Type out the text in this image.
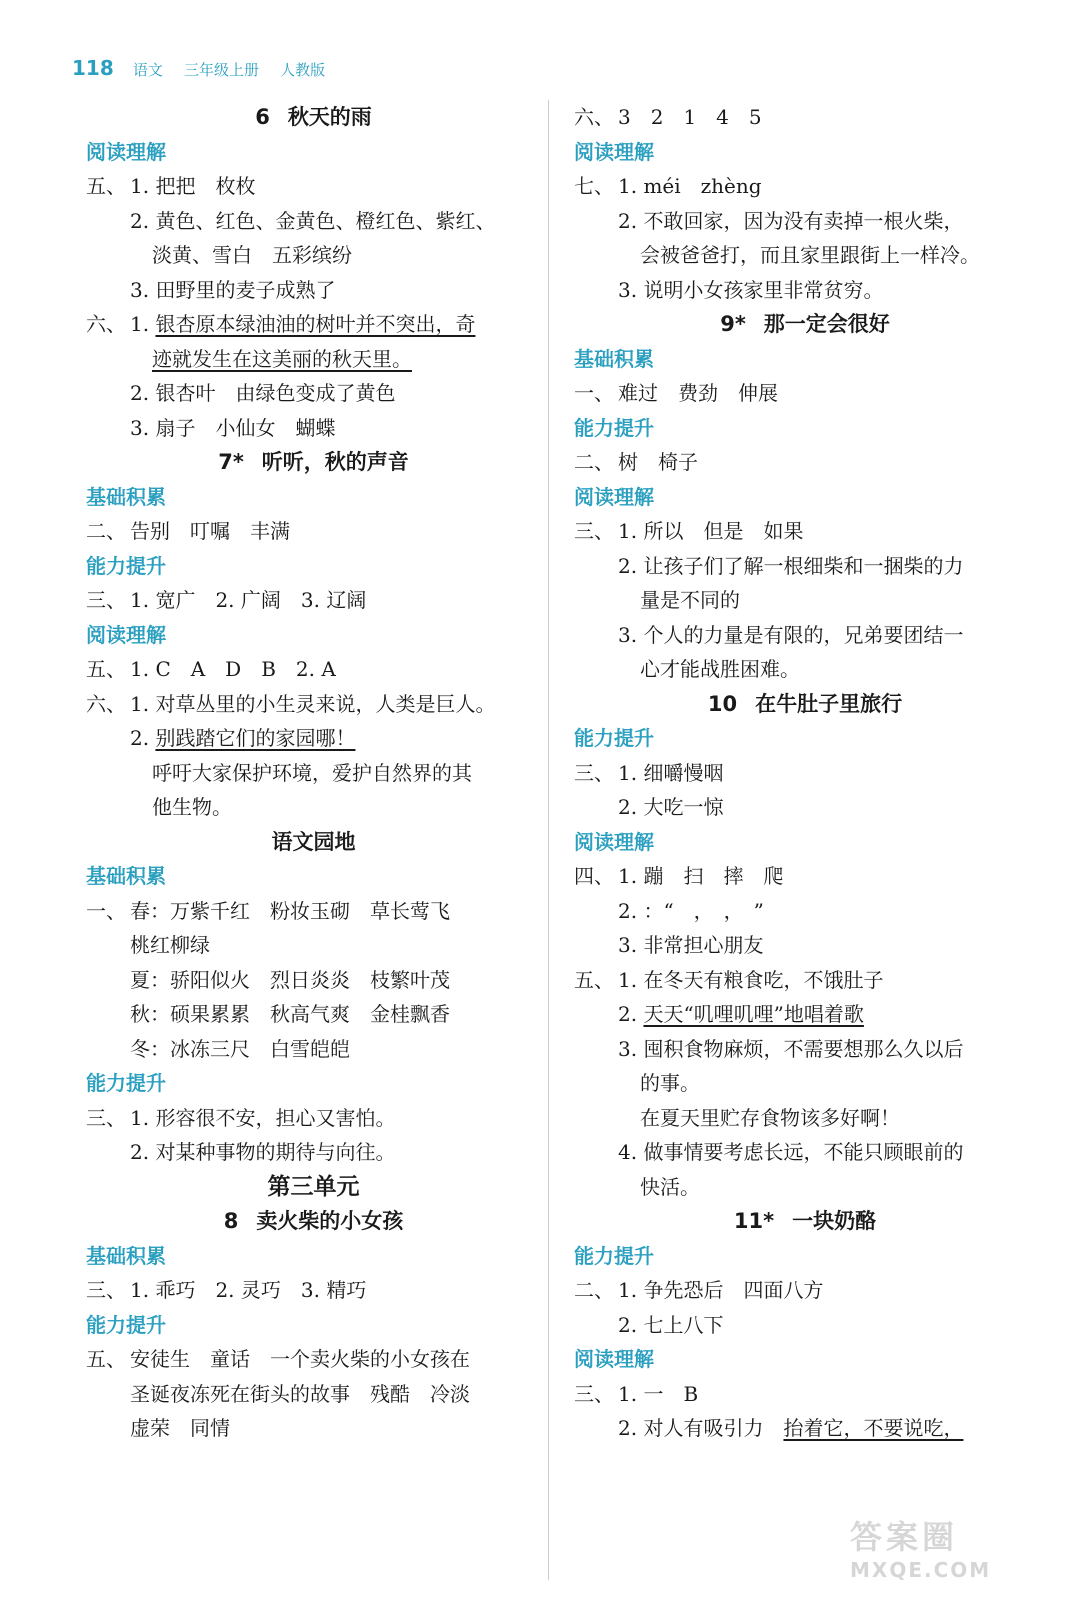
118 语文 三年级上册 人教版
6 秋天的雨
阅读理解
五、 1. 把把　枚枚
2. 黄色、红色、金黄色、橙红色、紫红、
淡黄、雪白　五彩缤纷
3. 田野里的麦子成熟了
六、 1. 银杏原本绿油油的树叶并不突出，奇
迹就发生在这美丽的秋天里。
2. 银杏叶　由绿色变成了黄色
3. 扇子　小仙女　蝴蝶
7* 听听，秋的声音
基础积累
二、 告别　叮嘱　丰满
能力提升
三、 1. 宽广　2. 广阔　3. 辽阔
阅读理解
五、 1. C　A　D　B　2. A
六、 1. 对草丛里的小生灵来说，人类是巨人。
2. 别践踏它们的家园哪！
呼吁大家保护环境，爱护自然界的其
他生物。
语文园地
基础积累
一、 春：万紫千红　粉妆玉砌　草长莺飞
桃红柳绿
夏：骄阳似火　烈日炎炎　枝繁叶茂
秋：硕果累累　秋高气爽　金桂飘香
冬：冰冻三尺　白雪皑皑
能力提升
三、 1. 形容很不安，担心又害怕。
2. 对某种事物的期待与向往。
第三单元
8 卖火柴的小女孩
基础积累
三、 1. 乖巧　2. 灵巧　3. 精巧
能力提升
五、 安徒生　童话　一个卖火柴的小女孩在
圣诞夜冻死在街头的故事　残酷　冷淡
虚荣　同情
六、 3　2　1　4　5
阅读理解
七、 1. méi　zhèng
2. 不敢回家，因为没有卖掉一根火柴，
会被爸爸打，而且家里跟街上一样冷。
3. 说明小女孩家里非常贫穷。
9* 那一定会很好
基础积累
一、 难过　费劲　伸展
能力提升
二、 树　椅子
阅读理解
三、 1. 所以　但是　如果
2. 让孩子们了解一根细柴和一捆柴的力
量是不同的
3. 个人的力量是有限的，兄弟要团结一
心才能战胜困难。
10 在牛肚子里旅行
能力提升
三、 1. 细嚼慢咽
2. 大吃一惊
阅读理解
四、 1. 蹦　扫　摔　爬
2. ：“　，　，　”
3. 非常担心朋友
五、 1. 在冬天有粮食吃，不饿肚子
2. 天天“叽哩叽哩”地唱着歌
3. 囤积食物麻烦，不需要想那么久以后
的事。
在夏天里贮存食物该多好啊！
4. 做事情要考虑长远，不能只顾眼前的
快活。
11* 一块奶酪
能力提升
二、 1. 争先恐后　四面八方
2. 七上八下
阅读理解
三、 1. 一　B
2. 对人有吸引力　抬着它，不要说吃，
答案圈
MXQE.COM
